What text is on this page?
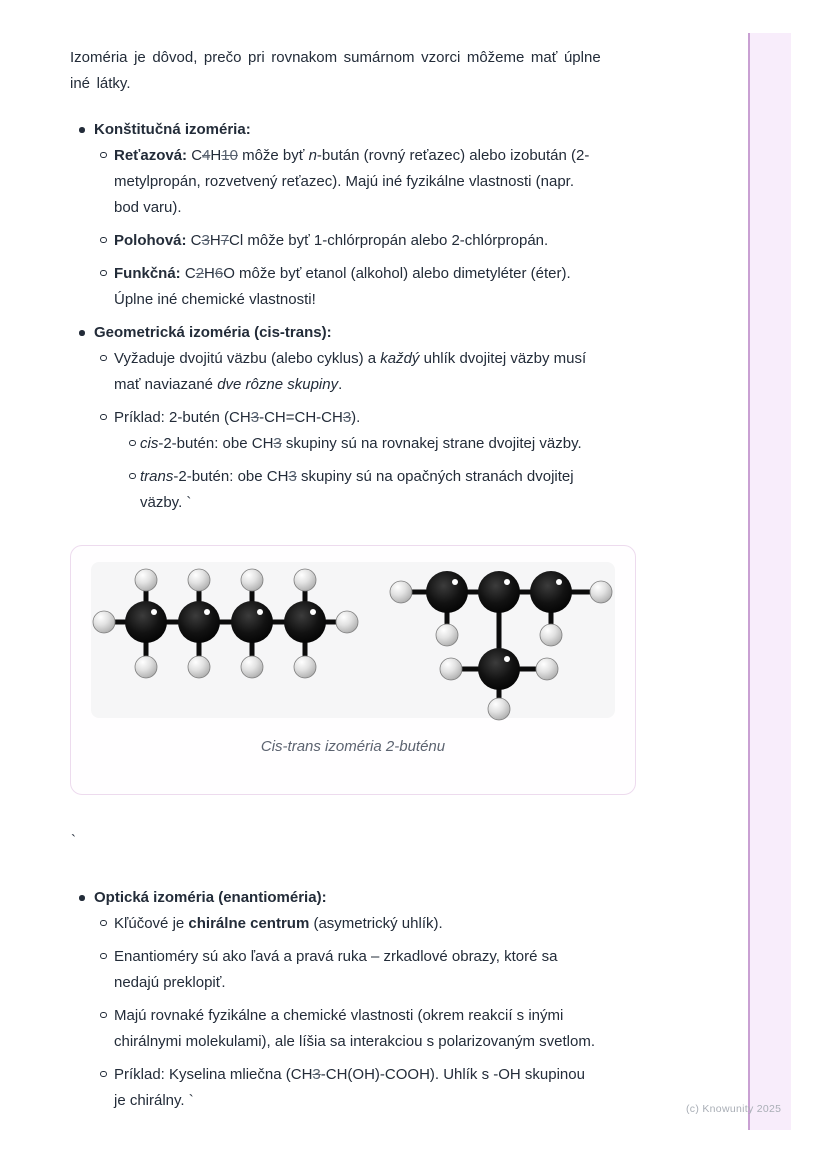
Izoméria je dôvod, prečo pri rovnakom sumárnom vzorci môžeme mať úplne
iné látky.

Konštitučná izoméria:
Reťazová: C4H10 môže byť n-bután (rovný reťazec) alebo izobután (2-
metylpropán, rozvetvený reťazec). Majú iné fyzikálne vlastnosti (napr.
bod varu).
Polohová: C3H7Cl môže byť 1-chlórpropán alebo 2-chlórpropán.
Funkčná: C2H6O môže byť etanol (alkohol) alebo dimetyléter (éter).
Úplne iné chemické vlastnosti!
Geometrická izoméria (cis-trans):
Vyžaduje dvojitú väzbu (alebo cyklus) a každý uhlík dvojitej väzby musí
mať naviazané dve rôzne skupiny.
Príklad: 2-butén (CH3-CH=CH-CH3).
cis-2-butén: obe CH3 skupiny sú na rovnakej strane dvojitej väzby.
trans-2-butén: obe CH3 skupiny sú na opačných stranách dvojitej
väzby. `
Cis-trans izoméria 2-buténu
`
Optická izoméria (enantioméria):
Kľúčové je chirálne centrum (asymetrický uhlík).
Enantioméry sú ako ľavá a pravá ruka – zrkadlové obrazy, ktoré sa
nedajú preklopiť.
Majú rovnaké fyzikálne a chemické vlastnosti (okrem reakcií s inými
chirálnymi molekulami), ale líšia sa interakciou s polarizovaným svetlom.
Príklad: Kyselina mliečna (CH3-CH(OH)-COOH). Uhlík s -OH skupinou
je chirálny. `	(c) Knowunity 2025
